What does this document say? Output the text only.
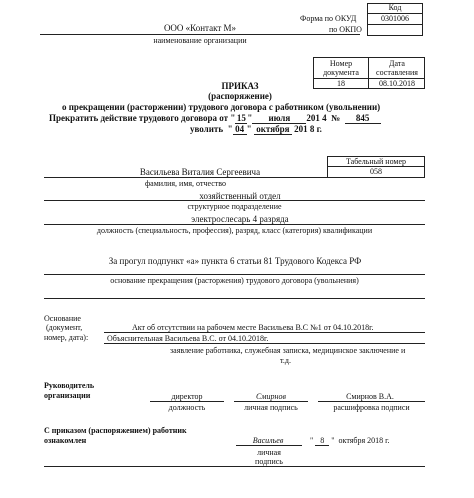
Код
0301006
Форма по ОКУД
по ОКПО
ООО «Контакт М»
наименование организации
Номер документа
Дата составления
18	08.10.2018
ПРИКАЗ
(распоряжение)
о прекращении (расторжении) трудового договора с работником (увольнении)
Прекратить действие трудового договора от " 15 " июля 201 4 № 845
уволить  " 04 " октября 201 8 г.
Табельный номер
058
Васильева Виталия Сергеевича
фамилия, имя, отчество
хозяйственный отдел
структурное подразделение
электрослесарь 4 разряда
должность (специальность, профессия), разряд, класс (категория) квалификации
За прогул подпункт «а» пункта 6 статьи 81 Трудового Кодекса РФ
основание прекращения (расторжения) трудового договора (увольнения)
Основание
(документ,
номер, дата):
Акт об отсутствии на рабочем месте Васильева В.С №1 от 04.10.2018г.
Объяснительная Васильева В.С. от 04.10.2018г.
заявление работника, служебная записка, медицинское заключение и
т.д.
Руководитель
организации	директор
должность
Смирнов
личная подпись
Смирнов В.А.
расшифровка подписи
С приказом (распоряжением) работник
ознакомлен	Васильев
личная
подпись
" 8 "  октября 2018 г.
